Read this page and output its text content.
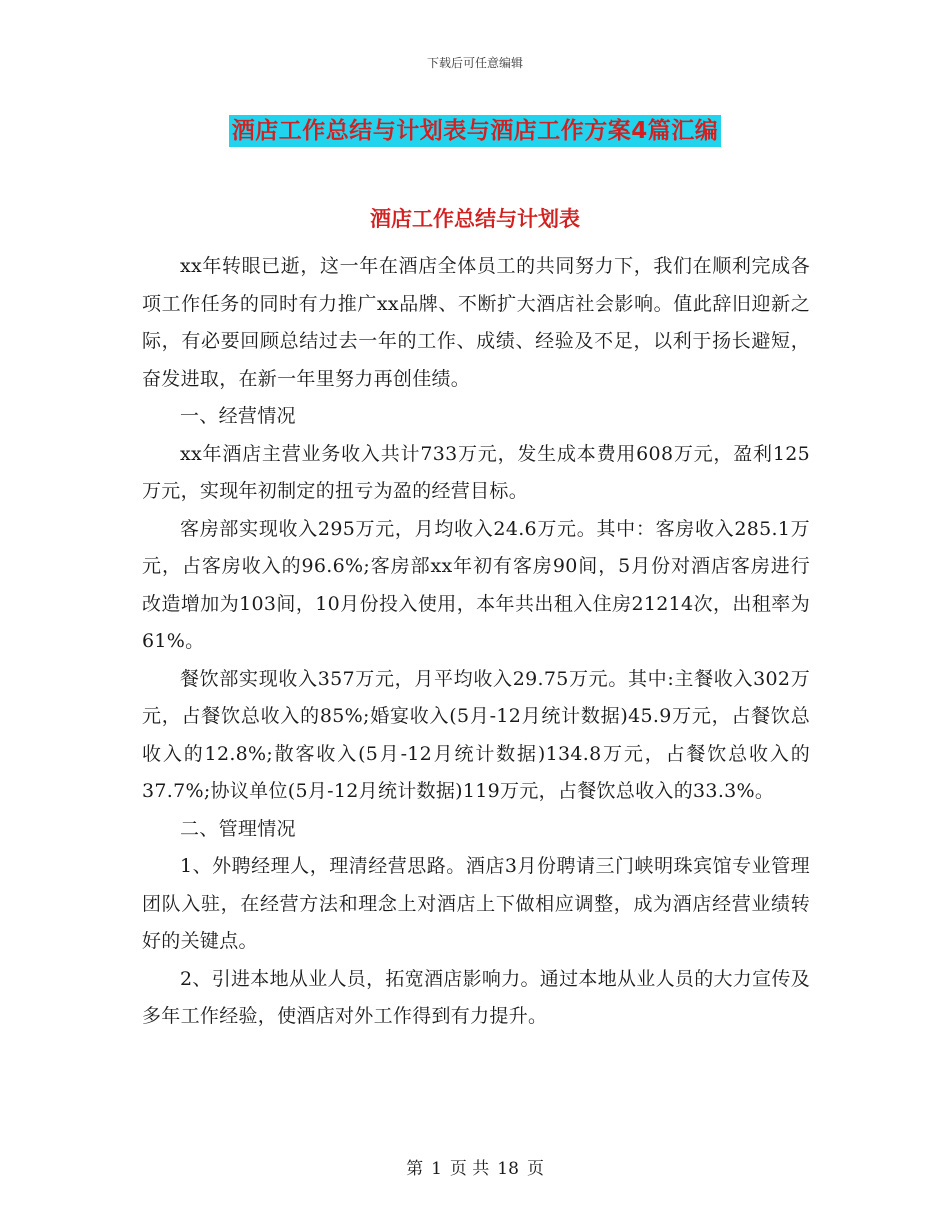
下载后可任意编辑
酒店工作总结与计划表与酒店工作方案4篇汇编
酒店工作总结与计划表

xx年转眼已逝，这一年在酒店全体员工的共同努力下，我们在顺利完成各项工作任务的同时有力推广xx品牌、不断扩大酒店社会影响。值此辞旧迎新之际，有必要回顾总结过去一年的工作、成绩、经验及不足，以利于扬长避短，奋发进取，在新一年里努力再创佳绩。

一、经营情况

xx年酒店主营业务收入共计733万元，发生成本费用608万元，盈利125万元，实现年初制定的扭亏为盈的经营目标。

客房部实现收入295万元，月均收入24.6万元。其中：客房收入285.1万元，占客房收入的96.6%;客房部xx年初有客房90间，5月份对酒店客房进行改造增加为103间，10月份投入使用，本年共出租入住房21214次，出租率为61%。

餐饮部实现收入357万元，月平均收入29.75万元。其中:主餐收入302万元，占餐饮总收入的85%;婚宴收入(5月-12月统计数据)45.9万元，占餐饮总收入的12.8%;散客收入(5月-12月统计数据)134.8万元，占餐饮总收入的37.7%;协议单位(5月-12月统计数据)119万元，占餐饮总收入的33.3%。

二、管理情况

1、外聘经理人，理清经营思路。酒店3月份聘请三门峡明珠宾馆专业管理团队入驻，在经营方法和理念上对酒店上下做相应调整，成为酒店经营业绩转好的关键点。

2、引进本地从业人员，拓宽酒店影响力。通过本地从业人员的大力宣传及多年工作经验，使酒店对外工作得到有力提升。

第 1 页 共 18 页
